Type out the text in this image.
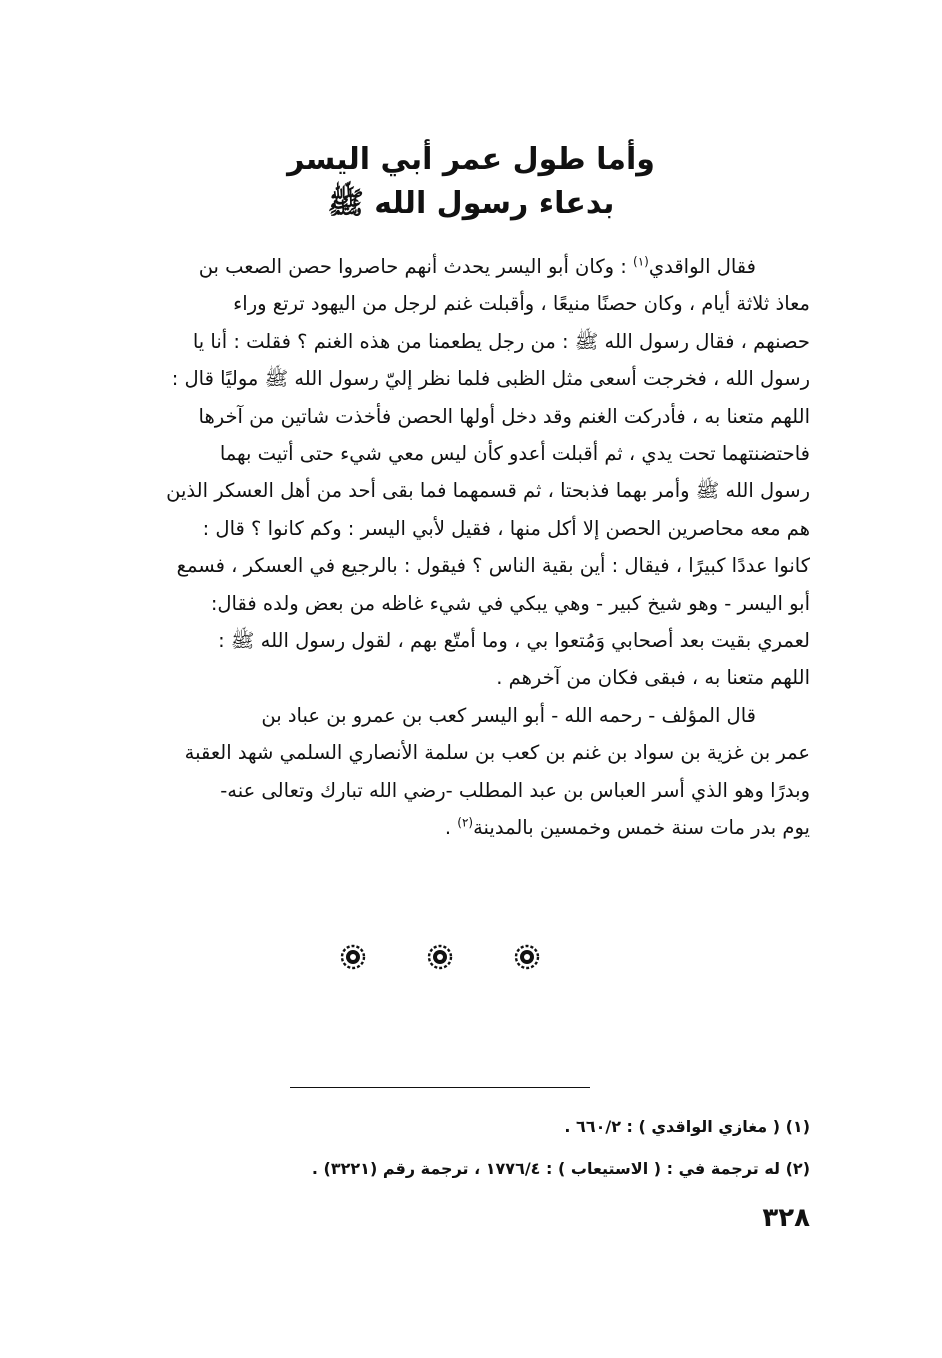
وأما طول عمر أبي اليسر
بدعاء رسول الله ﷺ
فقال الواقدي$^{(١)}$ : وكان أبو اليسر يحدث أنهم حاصروا حصن الصعب بن
معاذ ثلاثة أيام ، وكان حصنًا منيعًا ، وأقبلت غنم لرجل من اليهود ترتع وراء
حصنهم ، فقال رسول الله ﷺ : من رجل يطعمنا من هذه الغنم ؟ فقلت : أنا يا
رسول الله ، فخرجت أسعى مثل الظبى فلما نظر إليّ رسول الله ﷺ موليًا قال :
اللهم متعنا به ، فأدركت الغنم وقد دخل أولها الحصن فأخذت شاتين من آخرها
فاحتضنتهما تحت يدي ، ثم أقبلت أعدو كأن ليس معي شيء حتى أتيت بهما
رسول الله ﷺ وأمر بهما فذبحتا ، ثم قسمهما فما بقى أحد من أهل العسكر الذين
هم معه محاصرين الحصن إلا أكل منها ، فقيل لأبي اليسر : وكم كانوا ؟ قال :
كانوا عددًا كبيرًا ، فيقال : أين بقية الناس ؟ فيقول : بالرجيع في العسكر ، فسمع
أبو اليسر - وهو شيخ كبير - وهي يبكي في شيء غاظه من بعض ولده فقال:
لعمري بقيت بعد أصحابي وَمُتعوا بي ، وما أمتّع بهم ، لقول رسول الله ﷺ :
اللهم متعنا به ، فبقى فكان من آخرهم .
قال المؤلف - رحمه الله - أبو اليسر كعب بن عمرو بن عباد بن
عمر بن غزية بن سواد بن غنم بن كعب بن سلمة الأنصاري السلمي شهد العقبة
وبدرًا وهو الذي أسر العباس بن عبد المطلب -رضي الله تبارك وتعالى عنه-
يوم بدر مات سنة خمس وخمسين بالمدينة$^{(٢)}$ .
(١) ( مغازي الواقدي ) : ٦٦٠/٢ .
(٢) له ترجمة في : ( الاستيعاب ) : ١٧٧٦/٤ ، ترجمة رقم (٣٢٢١) .
٣٢٨
